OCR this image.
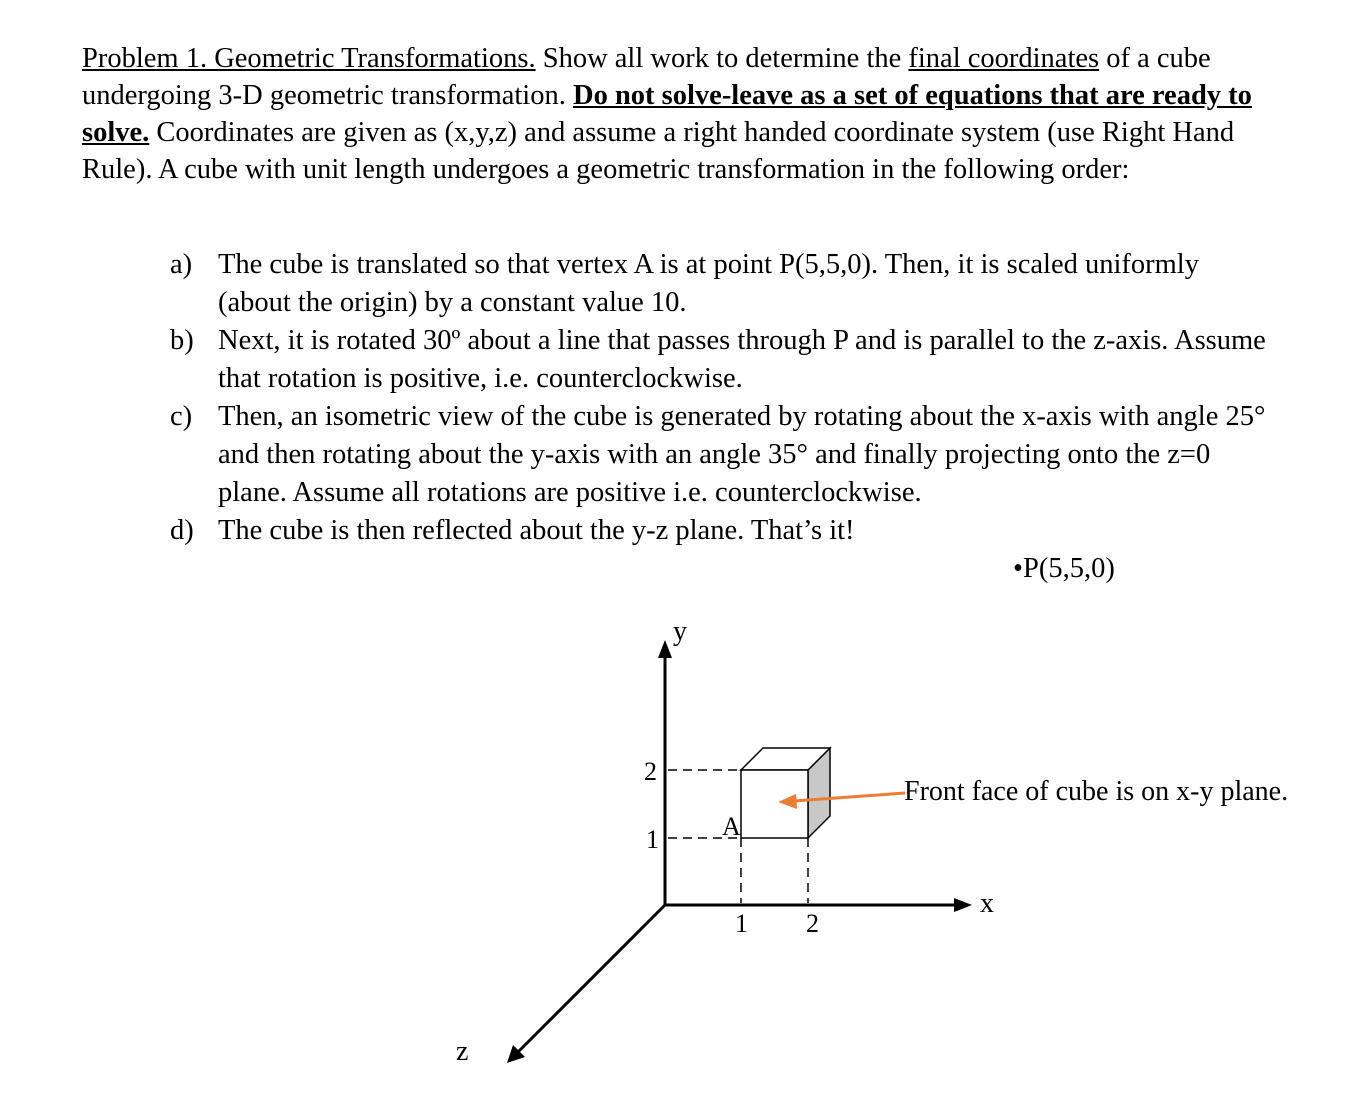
Problem 1. Geometric Transformations. Show all work to determine the final coordinates of a cube undergoing 3-D geometric transformation. Do not solve-leave as a set of equations that are ready to solve. Coordinates are given as (x,y,z) and assume a right handed coordinate system (use Right Hand Rule). A cube with unit length undergoes a geometric transformation in the following order:
a) The cube is translated so that vertex A is at point P(5,5,0). Then, it is scaled uniformly (about the origin) by a constant value 10.
b) Next, it is rotated 30º about a line that passes through P and is parallel to the z-axis. Assume that rotation is positive, i.e. counterclockwise.
c) Then, an isometric view of the cube is generated by rotating about the x-axis with angle 25° and then rotating about the y-axis with an angle 35° and finally projecting onto the z=0 plane. Assume all rotations are positive i.e. counterclockwise.
d) The cube is then reflected about the y-z plane. That’s it!
•P(5,5,0)
y
x
z
2
1
1 2
A
Front face of cube is on x-y plane.
